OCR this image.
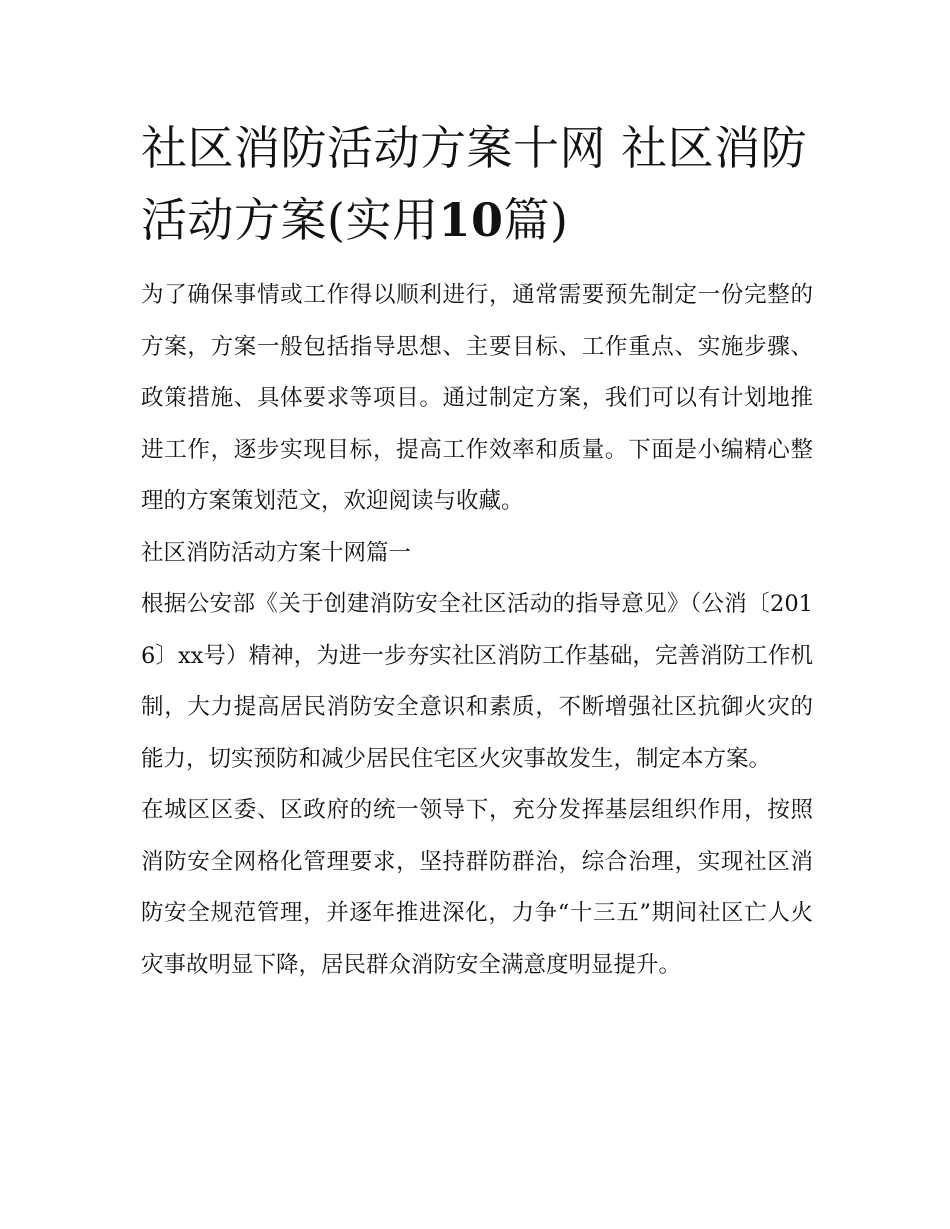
社区消防活动方案十网 社区消防活动方案(实用10篇)

为了确保事情或工作得以顺利进行，通常需要预先制定一份完整的方案，方案一般包括指导思想、主要目标、工作重点、实施步骤、政策措施、具体要求等项目。通过制定方案，我们可以有计划地推进工作，逐步实现目标，提高工作效率和质量。下面是小编精心整理的方案策划范文，欢迎阅读与收藏。

社区消防活动方案十网篇一

根据公安部《关于创建消防安全社区活动的指导意见》（公消〔2016〕xx号）精神，为进一步夯实社区消防工作基础，完善消防工作机制，大力提高居民消防安全意识和素质，不断增强社区抗御火灾的能力，切实预防和减少居民住宅区火灾事故发生，制定本方案。

在城区区委、区政府的统一领导下，充分发挥基层组织作用，按照消防安全网格化管理要求，坚持群防群治，综合治理，实现社区消防安全规范管理，并逐年推进深化，力争“十三五”期间社区亡人火灾事故明显下降，居民群众消防安全满意度明显提升。
